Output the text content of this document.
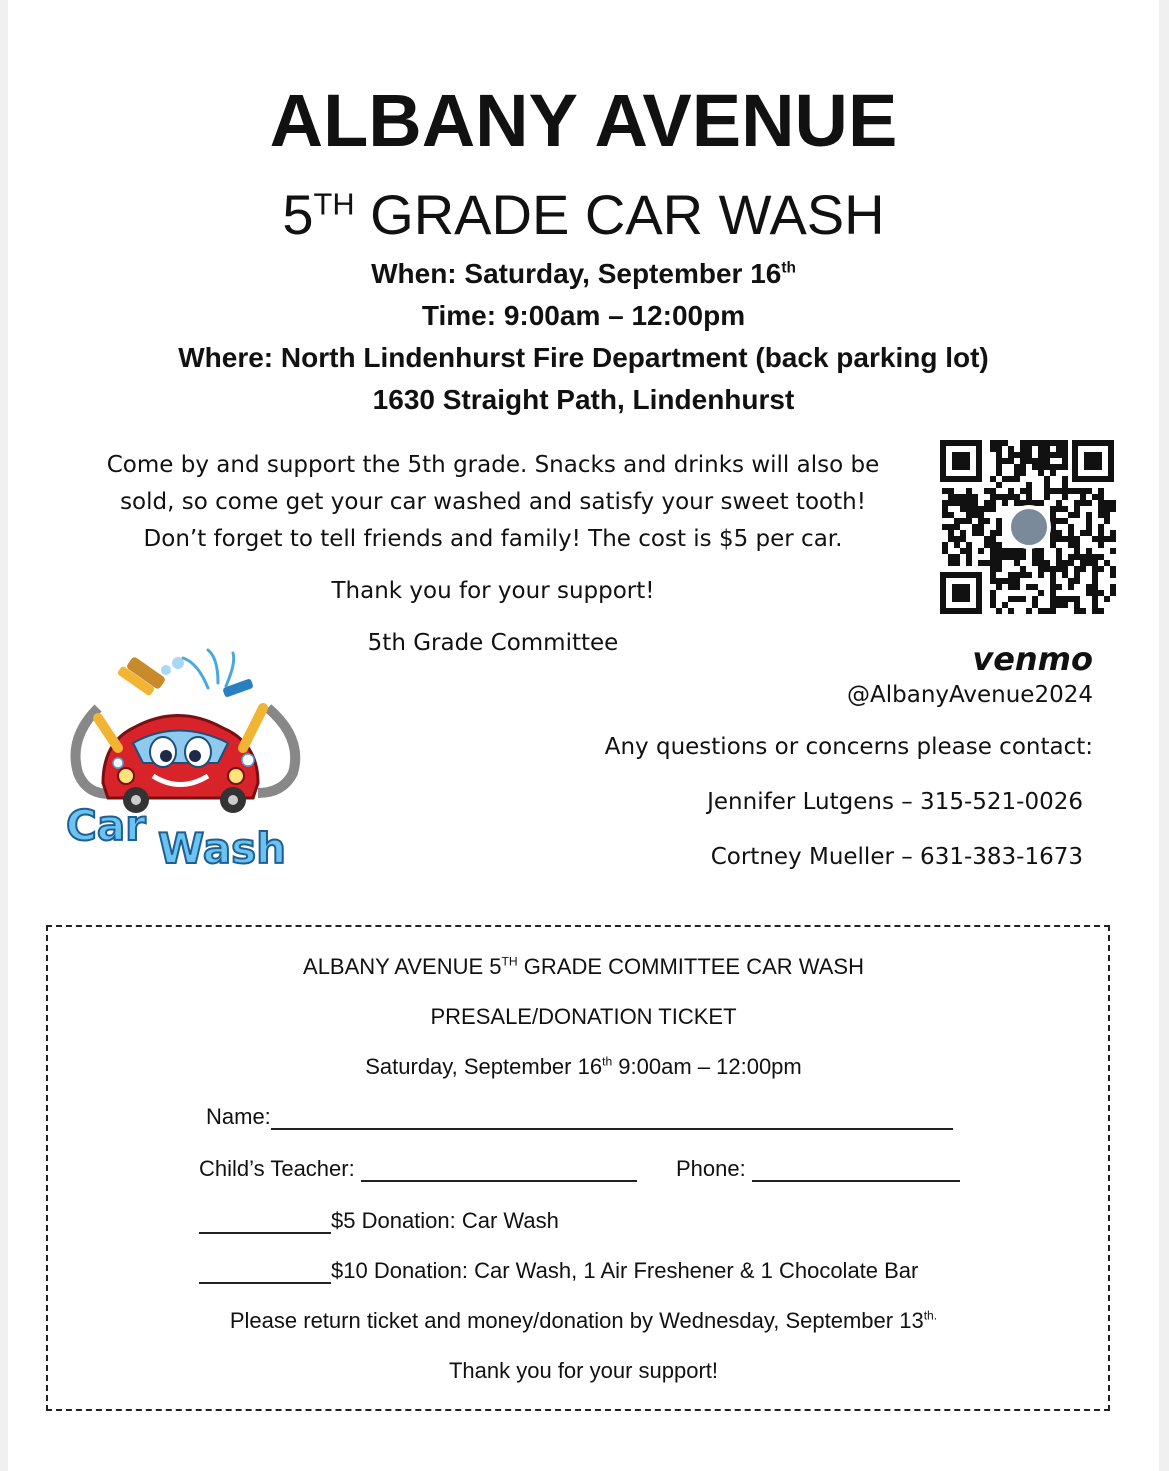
ALBANY AVENUE
5TH GRADE CAR WASH
When: Saturday, September 16th
Time: 9:00am – 12:00pm
Where: North Lindenhurst Fire Department (back parking lot)
1630 Straight Path, Lindenhurst
Come by and support the 5th grade. Snacks and drinks will also be
sold, so come get your car washed and satisfy your sweet tooth!
Don’t forget to tell friends and family! The cost is $5 per car.
Thank you for your support!
5th Grade Committee	venmo
@AlbanyAvenue2024
Any questions or concerns please contact:
Jennifer Lutgens – 315-521-0026
Cortney Mueller – 631-383-1673
Car Wash
ALBANY AVENUE 5TH GRADE COMMITTEE CAR WASH
PRESALE/DONATION TICKET
Saturday, September 16th 9:00am – 12:00pm
Name:
Child’s Teacher:	Phone:
$5 Donation: Car Wash
$10 Donation: Car Wash, 1 Air Freshener & 1 Chocolate Bar
Please return ticket and money/donation by Wednesday, September $13^{th.}$
Thank you for your support!
